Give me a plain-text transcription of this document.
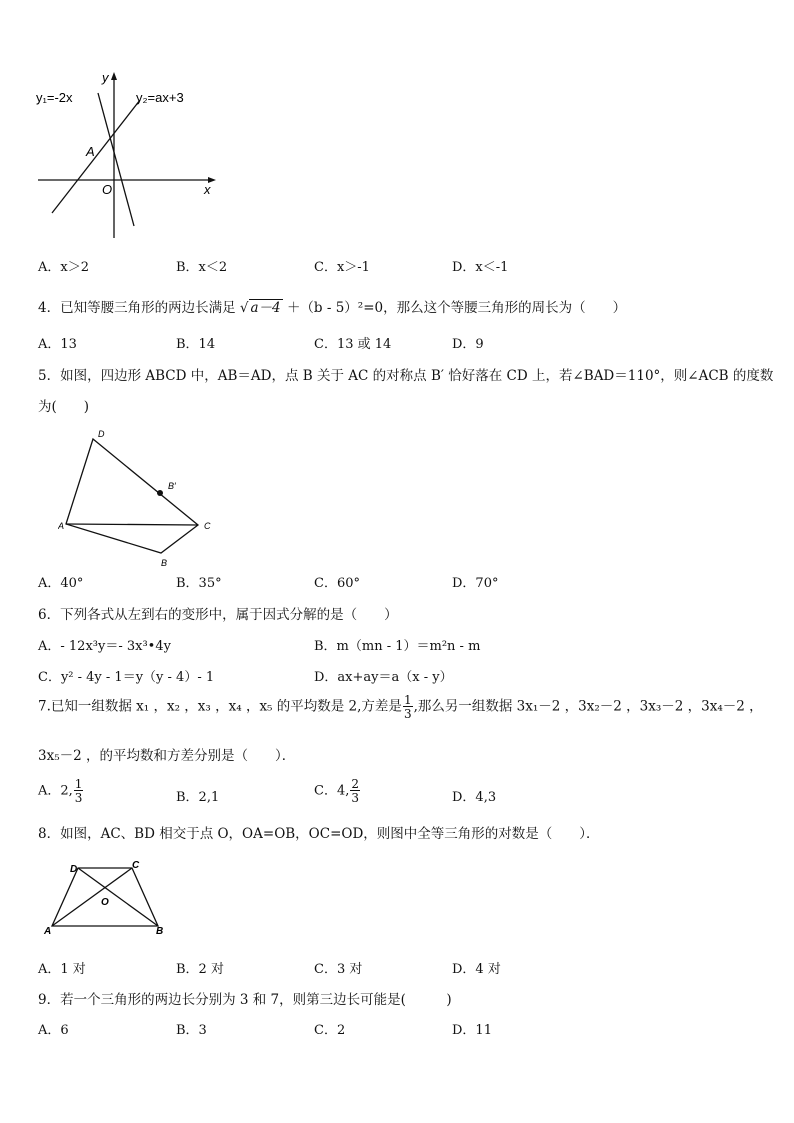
y₁=-2x	y₂=ax+3
y
x
A
O
A．x＞2	B．x＜2	C．x＞-1	D．x＜-1
4．已知等腰三角形的两边长满足 √ a－4 ＋（b - 5）²=0，那么这个等腰三角形的周长为（　　）
A．13	B．14	C．13 或 14	D．9
5．如图，四边形 ABCD 中，AB＝AD，点 B 关于 AC 的对称点 B′ 恰好落在 CD 上，若∠BAD＝110°，则∠ACB 的度数
为(　　)
D
B′
A	C
B
A．40°	B．35°	C．60°	D．70°
6．下列各式从左到右的变形中，属于因式分解的是（　　）
A．- 12x³y＝- 3x³•4y	B．m（mn - 1）＝m²n - m
C．y² - 4y - 1＝y（y - 4）- 1	D．ax+ay＝a（x - y）
7.已知一组数据 x₁ ，x₂ ，x₃ ，x₄ ，x₅ 的平均数是 2,方差是 $\frac{1}{3}$ ,那么另一组数据 3x₁－2 ，3x₂－2 ，3x₃－2 ，3x₄－2 ，
3x₅－2 ，的平均数和方差分别是（　　）．
A．2, $\frac{1}{3}$	B．2,1	C．4, $\frac{2}{3}$	D．4,3
8．如图，AC、BD 相交于点 O，OA=OB，OC=OD，则图中全等三角形的对数是（　　）．
D	C
O
A	B
A．1 对	B．2 对	C．3 对	D．4 对
9．若一个三角形的两边长分别为 3 和 7，则第三边长可能是(　　　)
A．6	B．3	C．2	D．11
